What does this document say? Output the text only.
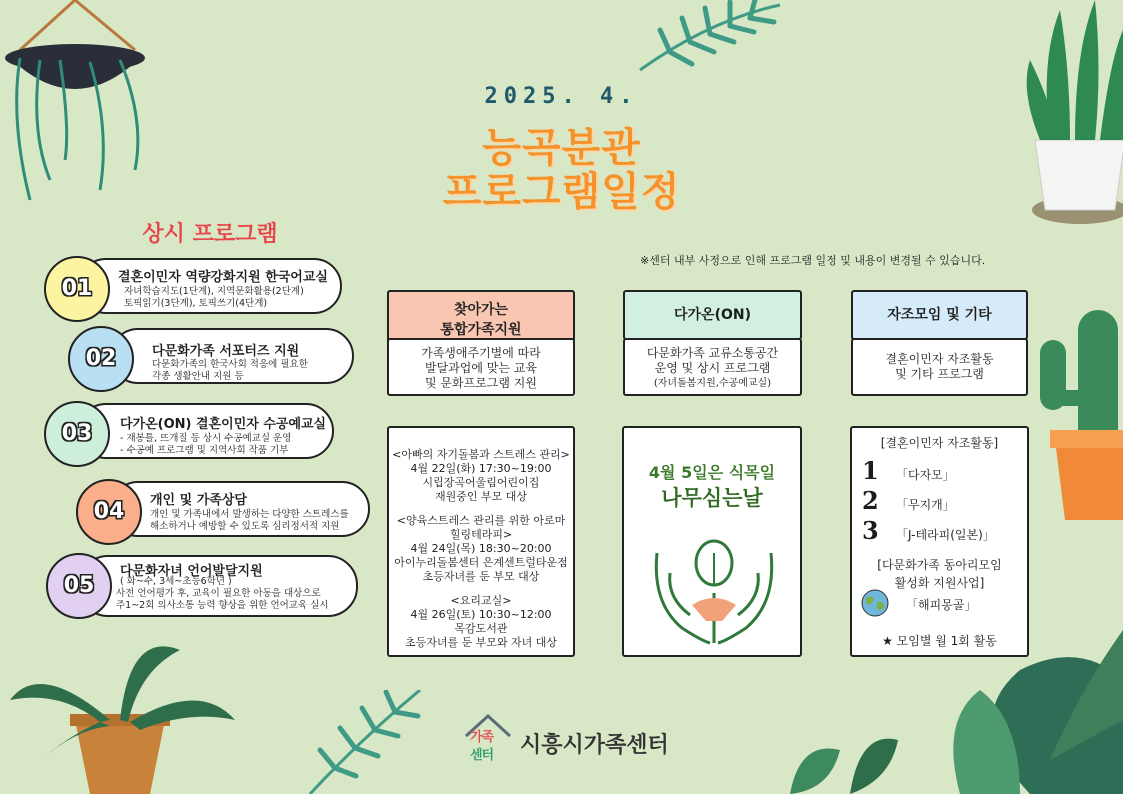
2025. 4.
능곡분관
프로그램일정
상시 프로그램
※센터 내부 사정으로 인해 프로그램 일정 및 내용이 변경될 수 있습니다.
결혼이민자 역량강화지원 한국어교실
자녀학습지도(1단계), 지역문화활용(2단계)
토픽읽기(3단계), 토픽쓰기(4단계)
01
다문화가족 서포터즈 지원
다문화가족의 한국사회 적응에 필요한
각종 생활안내 지원 등
02
다가온(ON) 결혼이민자 수공예교실
- 재봉틀, 뜨개질 등 상시 수공예교실 운영
- 수공예 프로그램 및 지역사회 작품 기부
03
개인 및 가족상담
개인 및 가족내에서 발생하는 다양한 스트레스를
해소하거나 예방할 수 있도록 심리정서적 지원
04
다문화자녀 언어발달지원
( 화~수, 3세~초등6학년 )
사전 언어평가 후, 교육이 필요한 아동을 대상으로
주1~2회 의사소통 능력 향상을 위한 언어교육 실시
05
찾아가는
통합가족지원
가족생애주기별에 따라
발달과업에 맞는 교육
및 문화프로그램 지원
<아빠의 자기돌봄과 스트레스 관리>
4월 22일(화) 17:30~19:00
시립장곡어울림어린이집
재원중인 부모 대상
<양육스트레스 관리를 위한 아로마
힐링테라피>
4월 24일(목) 18:30~20:00
아이누리돌봄센터 은계센트럴타운점
초등자녀를 둔 부모 대상
<요리교실>
4월 26일(토) 10:30~12:00
목감도서관
초등자녀를 둔 부모와 자녀 대상
다가온(ON)
다문화가족 교류소통공간
운영 및 상시 프로그램
(자녀돌봄지원,수공예교실)
4월 5일은 식목일
나무심는날
자조모임 및 기타
결혼이민자 자조활동
및 기타 프로그램
[결혼이민자 자조활동]
1 「다자모」
2 「무지개」
3 「J-테라피(일본)」
[다문화가족 동아리모임
활성화 지원사업]
「해피몽골」
★ 모임별 월 1회 활동
가족
센터 시흥시가족센터
